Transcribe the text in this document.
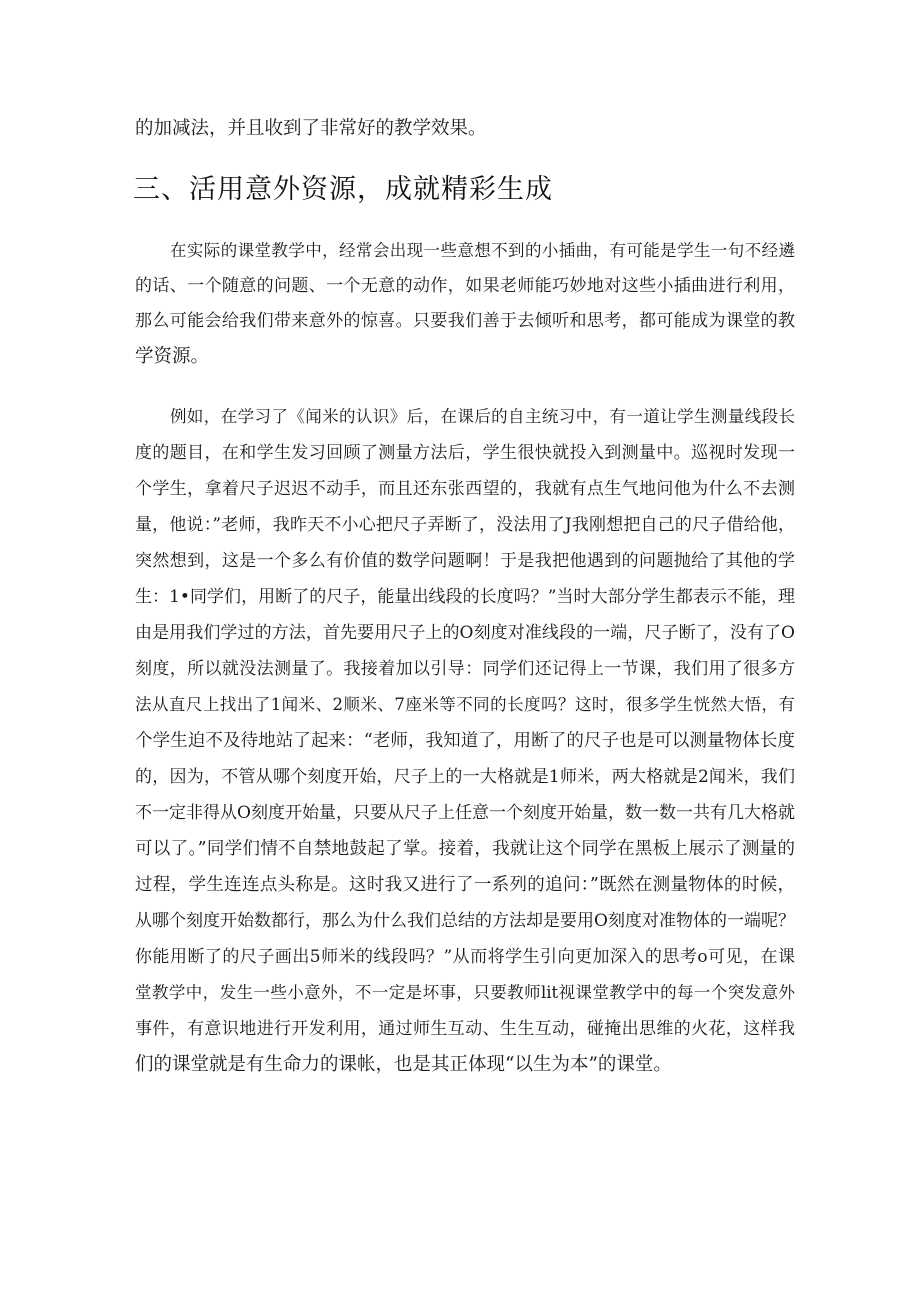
的加减法，并且收到了非常好的教学效果。
三、活用意外资源，成就精彩生成
在实际的课堂教学中，经常会出现一些意想不到的小插曲，有可能是学生一句不经遴
的话、一个随意的问题、一个无意的动作，如果老师能巧妙地对这些小插曲进行利用，
那么可能会给我们带来意外的惊喜。只要我们善于去倾听和思考，都可能成为课堂的教
学资源。
例如，在学习了《闻米的认识》后，在课后的自主统习中，有一道让学生测量线段长
度的题目，在和学生发习回顾了测量方法后，学生很快就投入到测量中。巡视时发现一
个学生，拿着尺子迟迟不动手，而且还东张西望的，我就有点生气地问他为什么不去测
量，他说：”老师，我昨天不小心把尺子弄断了，没法用了J我刚想把自己的尺子借给他，
突然想到，这是一个多么有价值的数学问题啊！于是我把他遇到的问题抛给了其他的学
生：1•同学们，用断了的尺子，能量出线段的长度吗？”当时大部分学生都表示不能，理
由是用我们学过的方法，首先要用尺子上的O刻度对准线段的一端，尺子断了，没有了O
刻度，所以就没法测量了。我接着加以引导：同学们还记得上一节课，我们用了很多方
法从直尺上找出了1闻米、2顺米、7座米等不同的长度吗？这时，很多学生恍然大悟，有
个学生迫不及待地站了起来：“老师，我知道了，用断了的尺子也是可以测量物体长度
的，因为，不管从哪个刻度开始，尺子上的一大格就是1师米，两大格就是2闻米，我们
不一定非得从O刻度开始量，只要从尺子上任意一个刻度开始量，数一数一共有几大格就
可以了。”同学们情不自禁地鼓起了掌。接着，我就让这个同学在黑板上展示了测量的
过程，学生连连点头称是。这时我又进行了一系列的追问：”既然在测量物体的时候，
从哪个刻度开始数都行，那么为什么我们总结的方法却是要用O刻度对准物体的一端呢？
你能用断了的尺子画出5师米的线段吗？”从而将学生引向更加深入的思考o可见，在课
堂教学中，发生一些小意外，不一定是坏事，只要教师lit视课堂教学中的每一个突发意外
事件，有意识地进行开发利用，通过师生互动、生生互动，碰掩出思维的火花，这样我
们的课堂就是有生命力的课帐，也是其正体现“以生为本”的课堂。
